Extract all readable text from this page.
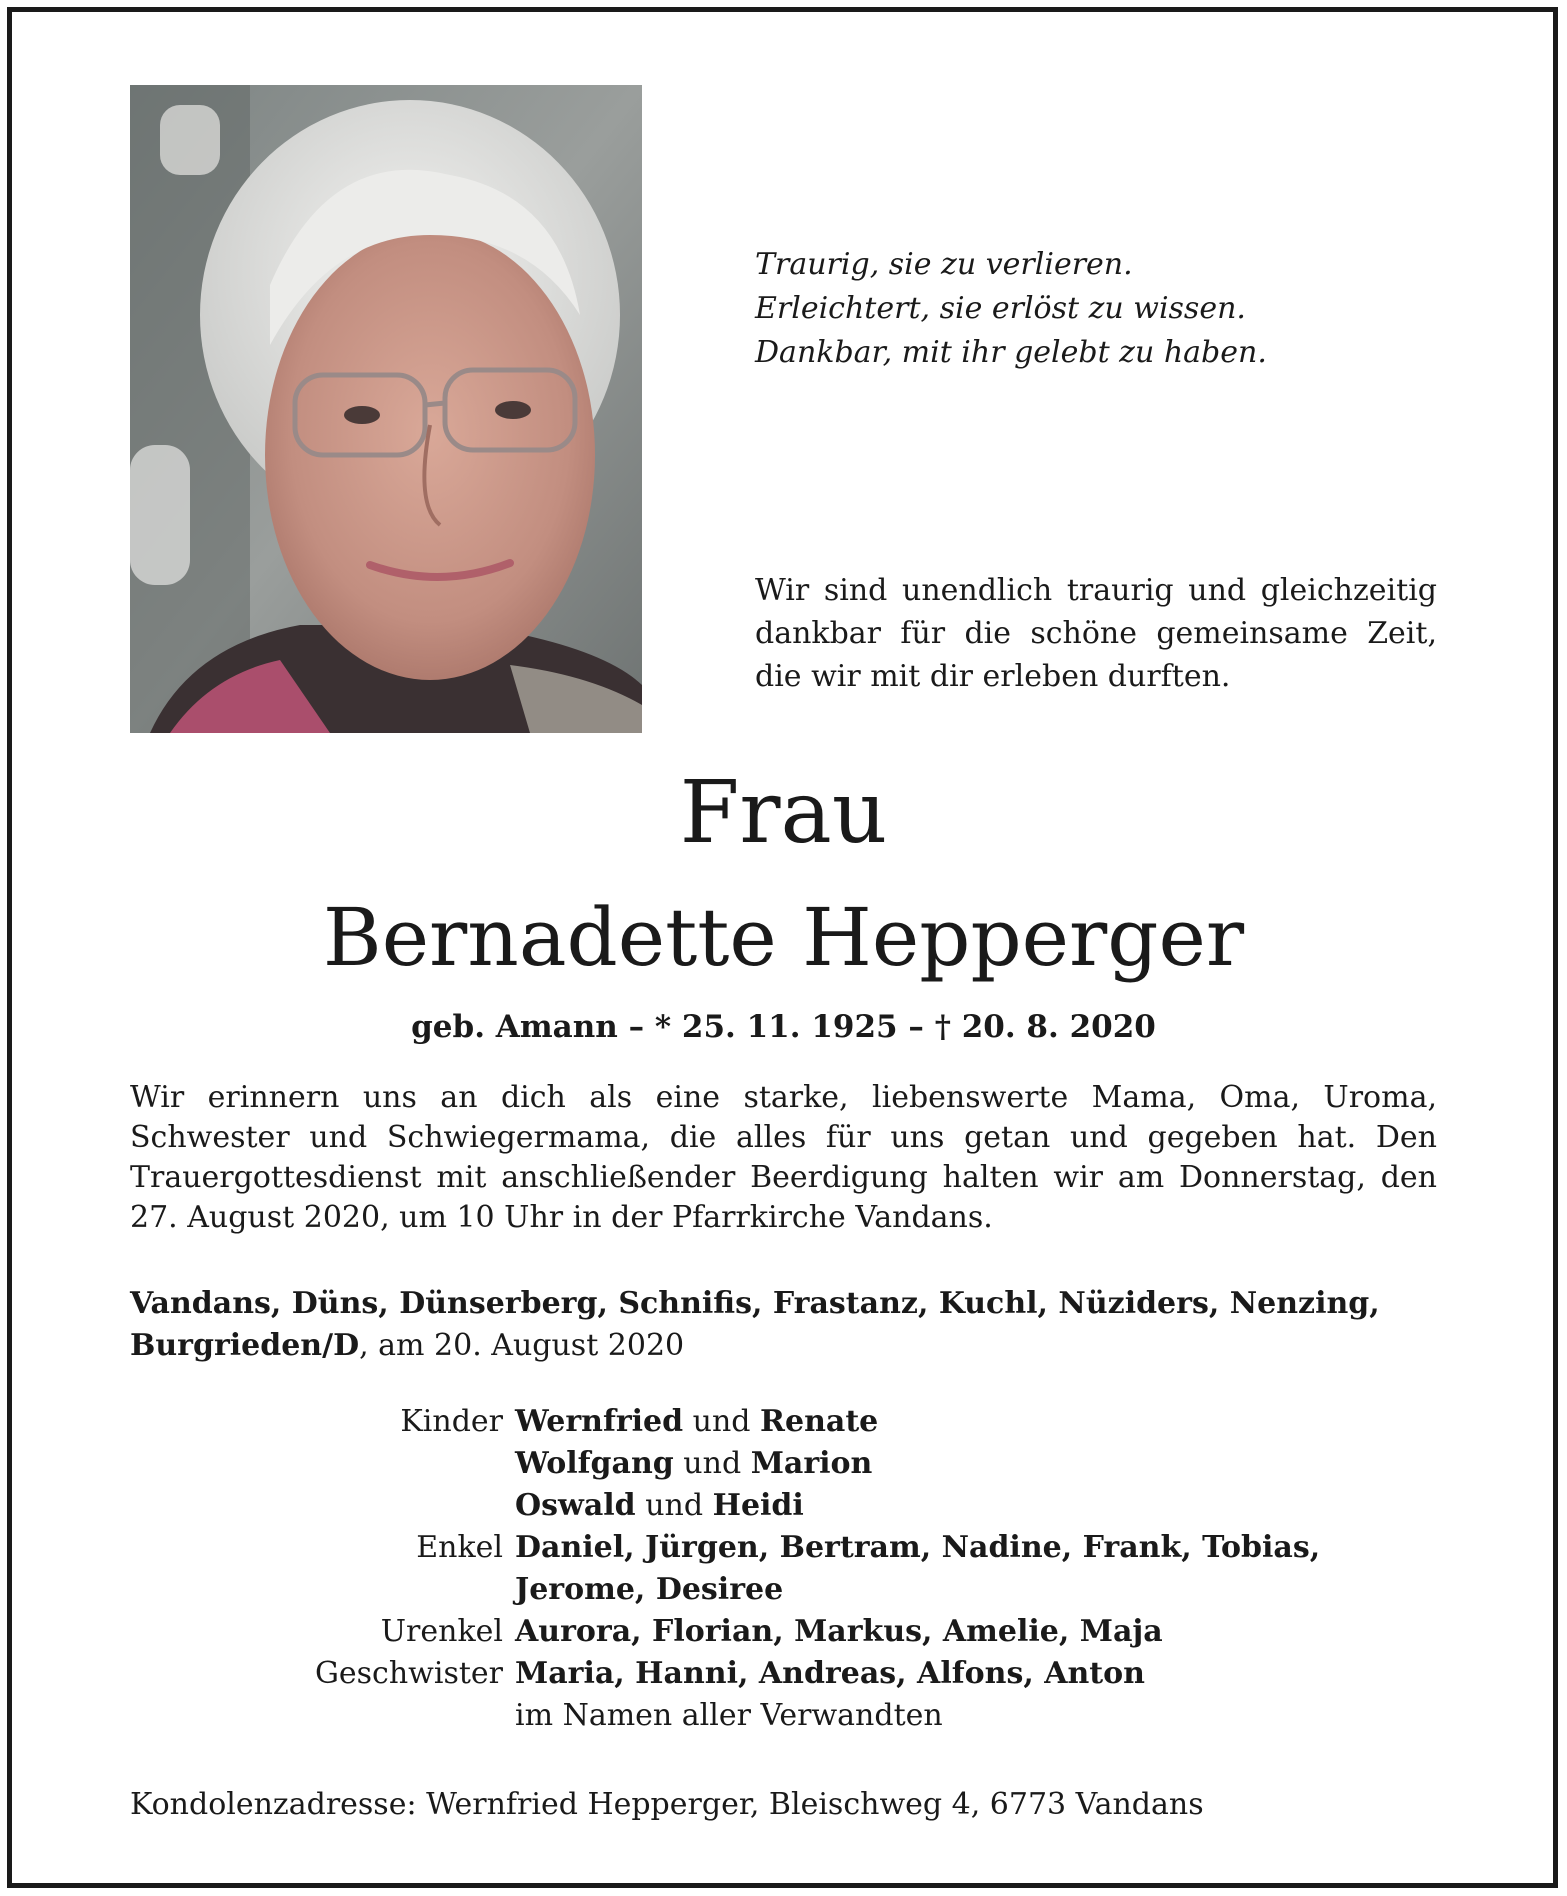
Traurig, sie zu verlieren.
Erleichtert, sie erlöst zu wissen.
Dankbar, mit ihr gelebt zu haben.
Wir sind unendlich traurig und gleichzeitig dankbar für die schöne gemeinsame Zeit, die wir mit dir erleben durften.
Frau
Bernadette Hepperger
geb. Amann – * 25. 11. 1925 – † 20. 8. 2020
Wir erinnern uns an dich als eine starke, liebenswerte Mama, Oma, Uroma, Schwester und Schwiegermama, die alles für uns getan und gegeben hat. Den Trauergottesdienst mit anschließender Beerdigung halten wir am Donnerstag, den 27. August 2020, um 10 Uhr in der Pfarrkirche Vandans.
Vandans, Düns, Dünserberg, Schnifis, Frastanz, Kuchl, Nüziders, Nenzing, Burgrieden/D, am 20. August 2020
Kinder Wernfried und Renate
Wolfgang und Marion
Oswald und Heidi
Enkel Daniel, Jürgen, Bertram, Nadine, Frank, Tobias,
Jerome, Desiree
Urenkel Aurora, Florian, Markus, Amelie, Maja
Geschwister Maria, Hanni, Andreas, Alfons, Anton
im Namen aller Verwandten
Kondolenzadresse: Wernfried Hepperger, Bleischweg 4, 6773 Vandans
